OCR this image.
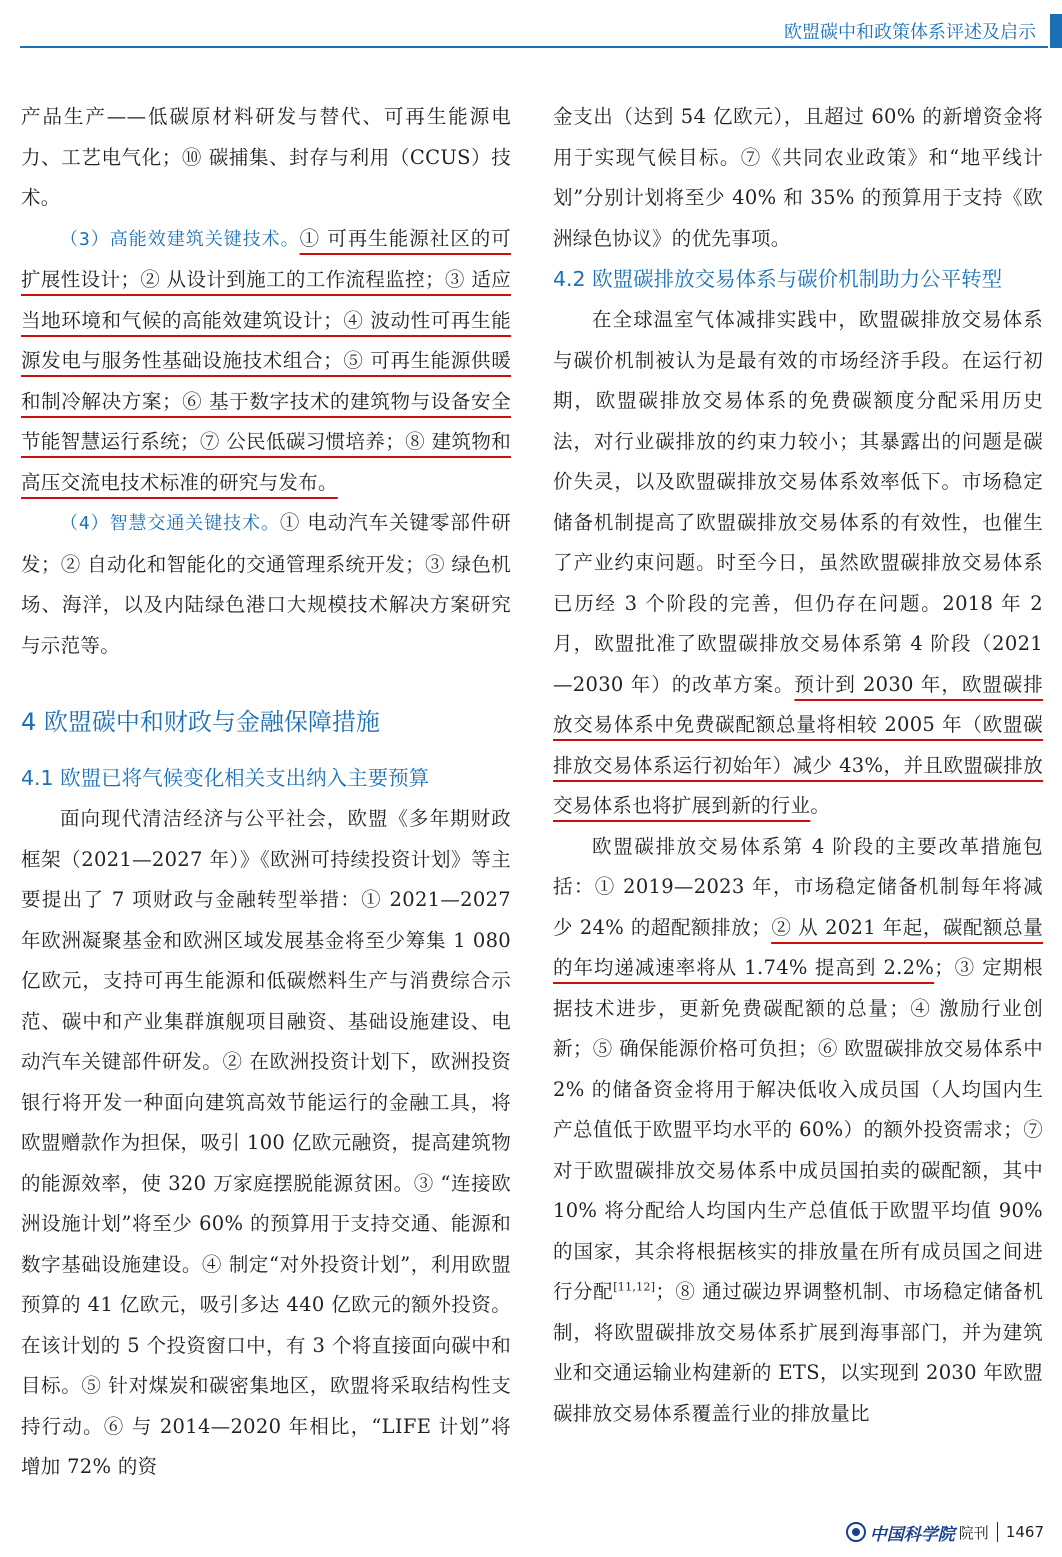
欧盟碳中和政策体系评述及启示

产品生产——低碳原材料研发与替代、可再生能源电力、工艺电气化；⑩ 碳捕集、封存与利用（CCUS）技术。

（3）高能效建筑关键技术。① 可再生能源社区的可扩展性设计；② 从设计到施工的工作流程监控；③ 适应当地环境和气候的高能效建筑设计；④ 波动性可再生能源发电与服务性基础设施技术组合；⑤ 可再生能源供暖和制冷解决方案；⑥ 基于数字技术的建筑物与设备安全节能智慧运行系统；⑦ 公民低碳习惯培养；⑧ 建筑物和高压交流电技术标准的研究与发布。

（4）智慧交通关键技术。① 电动汽车关键零部件研发；② 自动化和智能化的交通管理系统开发；③ 绿色机场、海洋，以及内陆绿色港口大规模技术解决方案研究与示范等。

4 欧盟碳中和财政与金融保障措施
4.1 欧盟已将气候变化相关支出纳入主要预算

面向现代清洁经济与公平社会，欧盟《多年期财政框架（2021—2027 年）》《欧洲可持续投资计划》等主要提出了 7 项财政与金融转型举措：① 2021—2027 年欧洲凝聚基金和欧洲区域发展基金将至少筹集 1 080 亿欧元，支持可再生能源和低碳燃料生产与消费综合示范、碳中和产业集群旗舰项目融资、基础设施建设、电动汽车关键部件研发。② 在欧洲投资计划下，欧洲投资银行将开发一种面向建筑高效节能运行的金融工具，将欧盟赠款作为担保，吸引 100 亿欧元融资，提高建筑物的能源效率，使 320 万家庭摆脱能源贫困。③ “连接欧洲设施计划”将至少 60% 的预算用于支持交通、能源和数字基础设施建设。④ 制定“对外投资计划”，利用欧盟预算的 41 亿欧元，吸引多达 440 亿欧元的额外投资。在该计划的 5 个投资窗口中，有 3 个将直接面向碳中和目标。⑤ 针对煤炭和碳密集地区，欧盟将采取结构性支持行动。⑥ 与 2014—2020 年相比，“LIFE 计划”将增加 72% 的资

金支出（达到 54 亿欧元），且超过 60% 的新增资金将用于实现气候目标。⑦《共同农业政策》和“地平线计划”分别计划将至少 40% 和 35% 的预算用于支持《欧洲绿色协议》的优先事项。

4.2 欧盟碳排放交易体系与碳价机制助力公平转型

在全球温室气体减排实践中，欧盟碳排放交易体系与碳价机制被认为是最有效的市场经济手段。在运行初期，欧盟碳排放交易体系的免费碳额度分配采用历史法，对行业碳排放的约束力较小；其暴露出的问题是碳价失灵，以及欧盟碳排放交易体系效率低下。市场稳定储备机制提高了欧盟碳排放交易体系的有效性，也催生了产业约束问题。时至今日，虽然欧盟碳排放交易体系已历经 3 个阶段的完善，但仍存在问题。2018 年 2 月，欧盟批准了欧盟碳排放交易体系第 4 阶段（2021—2030 年）的改革方案。预计到 2030 年，欧盟碳排放交易体系中免费碳配额总量将相较 2005 年（欧盟碳排放交易体系运行初始年）减少 43%，并且欧盟碳排放交易体系也将扩展到新的行业。

欧盟碳排放交易体系第 4 阶段的主要改革措施包括：① 2019—2023 年，市场稳定储备机制每年将减少 24% 的超配额排放；② 从 2021 年起，碳配额总量的年均递减速率将从 1.74% 提高到 2.2%；③ 定期根据技术进步，更新免费碳配额的总量；④ 激励行业创新；⑤ 确保能源价格可负担；⑥ 欧盟碳排放交易体系中 2% 的储备资金将用于解决低收入成员国（人均国内生产总值低于欧盟平均水平的 60%）的额外投资需求；⑦ 对于欧盟碳排放交易体系中成员国拍卖的碳配额，其中 10% 将分配给人均国内生产总值低于欧盟平均值 90% 的国家，其余将根据核实的排放量在所有成员国之间进行分配[11,12]；⑧ 通过碳边界调整机制、市场稳定储备机制，将欧盟碳排放交易体系扩展到海事部门，并为建筑业和交通运输业构建新的 ETS，以实现到 2030 年欧盟碳排放交易体系覆盖行业的排放量比

中国科学院 院刊 1467
